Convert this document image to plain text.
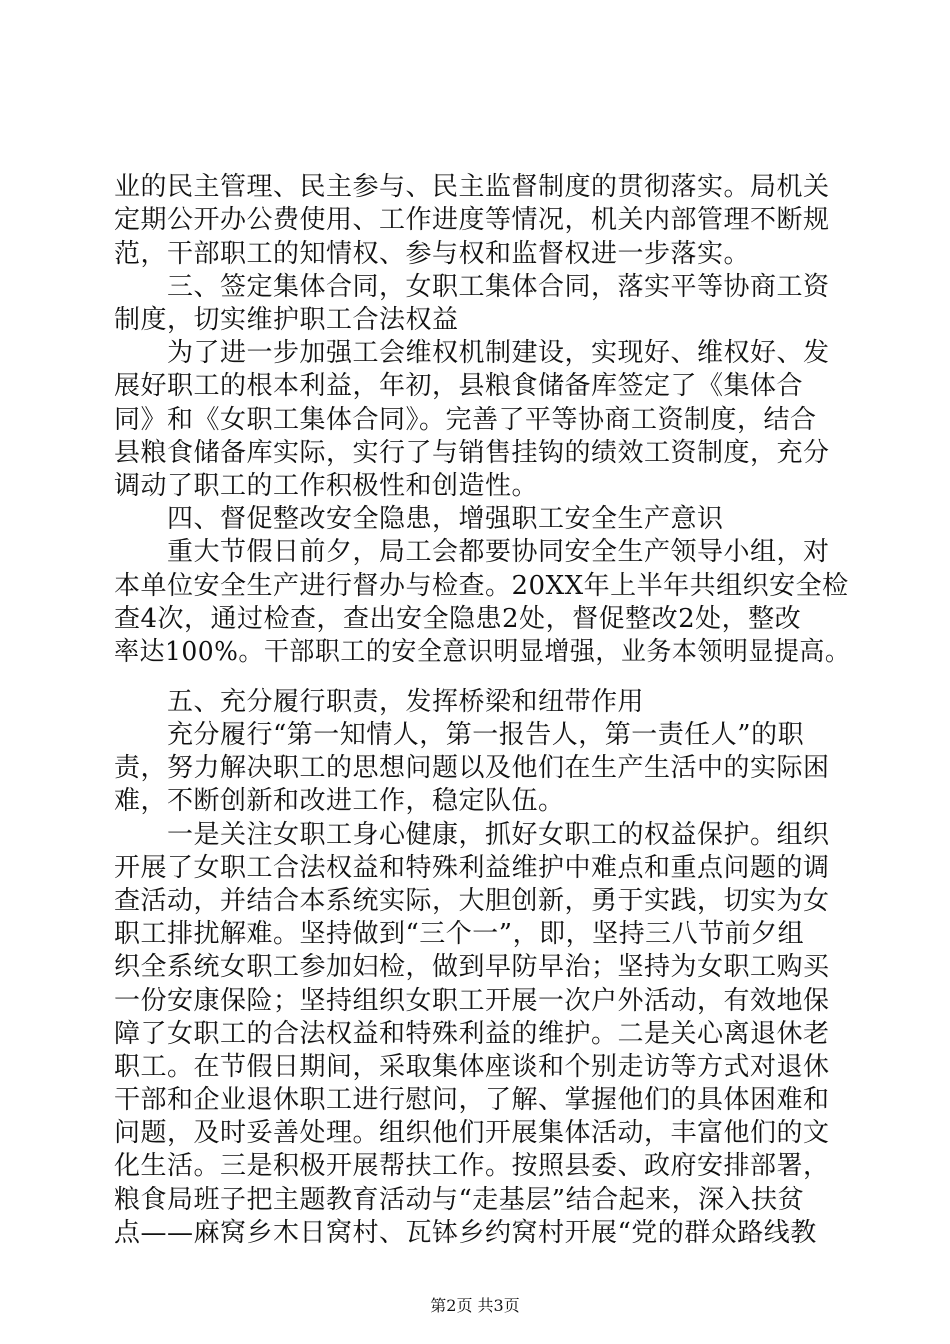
业的民主管理、民主参与、民主监督制度的贯彻落实。局机关
定期公开办公费使用、工作进度等情况，机关内部管理不断规
范，干部职工的知情权、参与权和监督权进一步落实。
　　三、签定集体合同，女职工集体合同，落实平等协商工资
制度，切实维护职工合法权益
　　为了进一步加强工会维权机制建设，实现好、维权好、发
展好职工的根本利益，年初，县粮食储备库签定了《集体合
同》和《女职工集体合同》。完善了平等协商工资制度，结合
县粮食储备库实际，实行了与销售挂钩的绩效工资制度，充分
调动了职工的工作积极性和创造性。
　　四、督促整改安全隐患，增强职工安全生产意识
　　重大节假日前夕，局工会都要协同安全生产领导小组，对
本单位安全生产进行督办与检查。20XX年上半年共组织安全检
查4次，通过检查，查出安全隐患2处，督促整改2处，整改
率达100%。干部职工的安全意识明显增强，业务本领明显提高。
　　五、充分履行职责，发挥桥梁和纽带作用
　　充分履行“第一知情人，第一报告人，第一责任人”的职
责，努力解决职工的思想问题以及他们在生产生活中的实际困
难，不断创新和改进工作，稳定队伍。
　　一是关注女职工身心健康，抓好女职工的权益保护。组织
开展了女职工合法权益和特殊利益维护中难点和重点问题的调
查活动，并结合本系统实际，大胆创新，勇于实践，切实为女
职工排扰解难。坚持做到“三个一”，即，坚持三八节前夕组
织全系统女职工参加妇检，做到早防早治；坚持为女职工购买
一份安康保险；坚持组织女职工开展一次户外活动，有效地保
障了女职工的合法权益和特殊利益的维护。二是关心离退休老
职工。在节假日期间，采取集体座谈和个别走访等方式对退休
干部和企业退休职工进行慰问，了解、掌握他们的具体困难和
问题，及时妥善处理。组织他们开展集体活动，丰富他们的文
化生活。三是积极开展帮扶工作。按照县委、政府安排部署，
粮食局班子把主题教育活动与“走基层”结合起来，深入扶贫
点——麻窝乡木日窝村、瓦钵乡约窝村开展“党的群众路线教
第2页 共3页
